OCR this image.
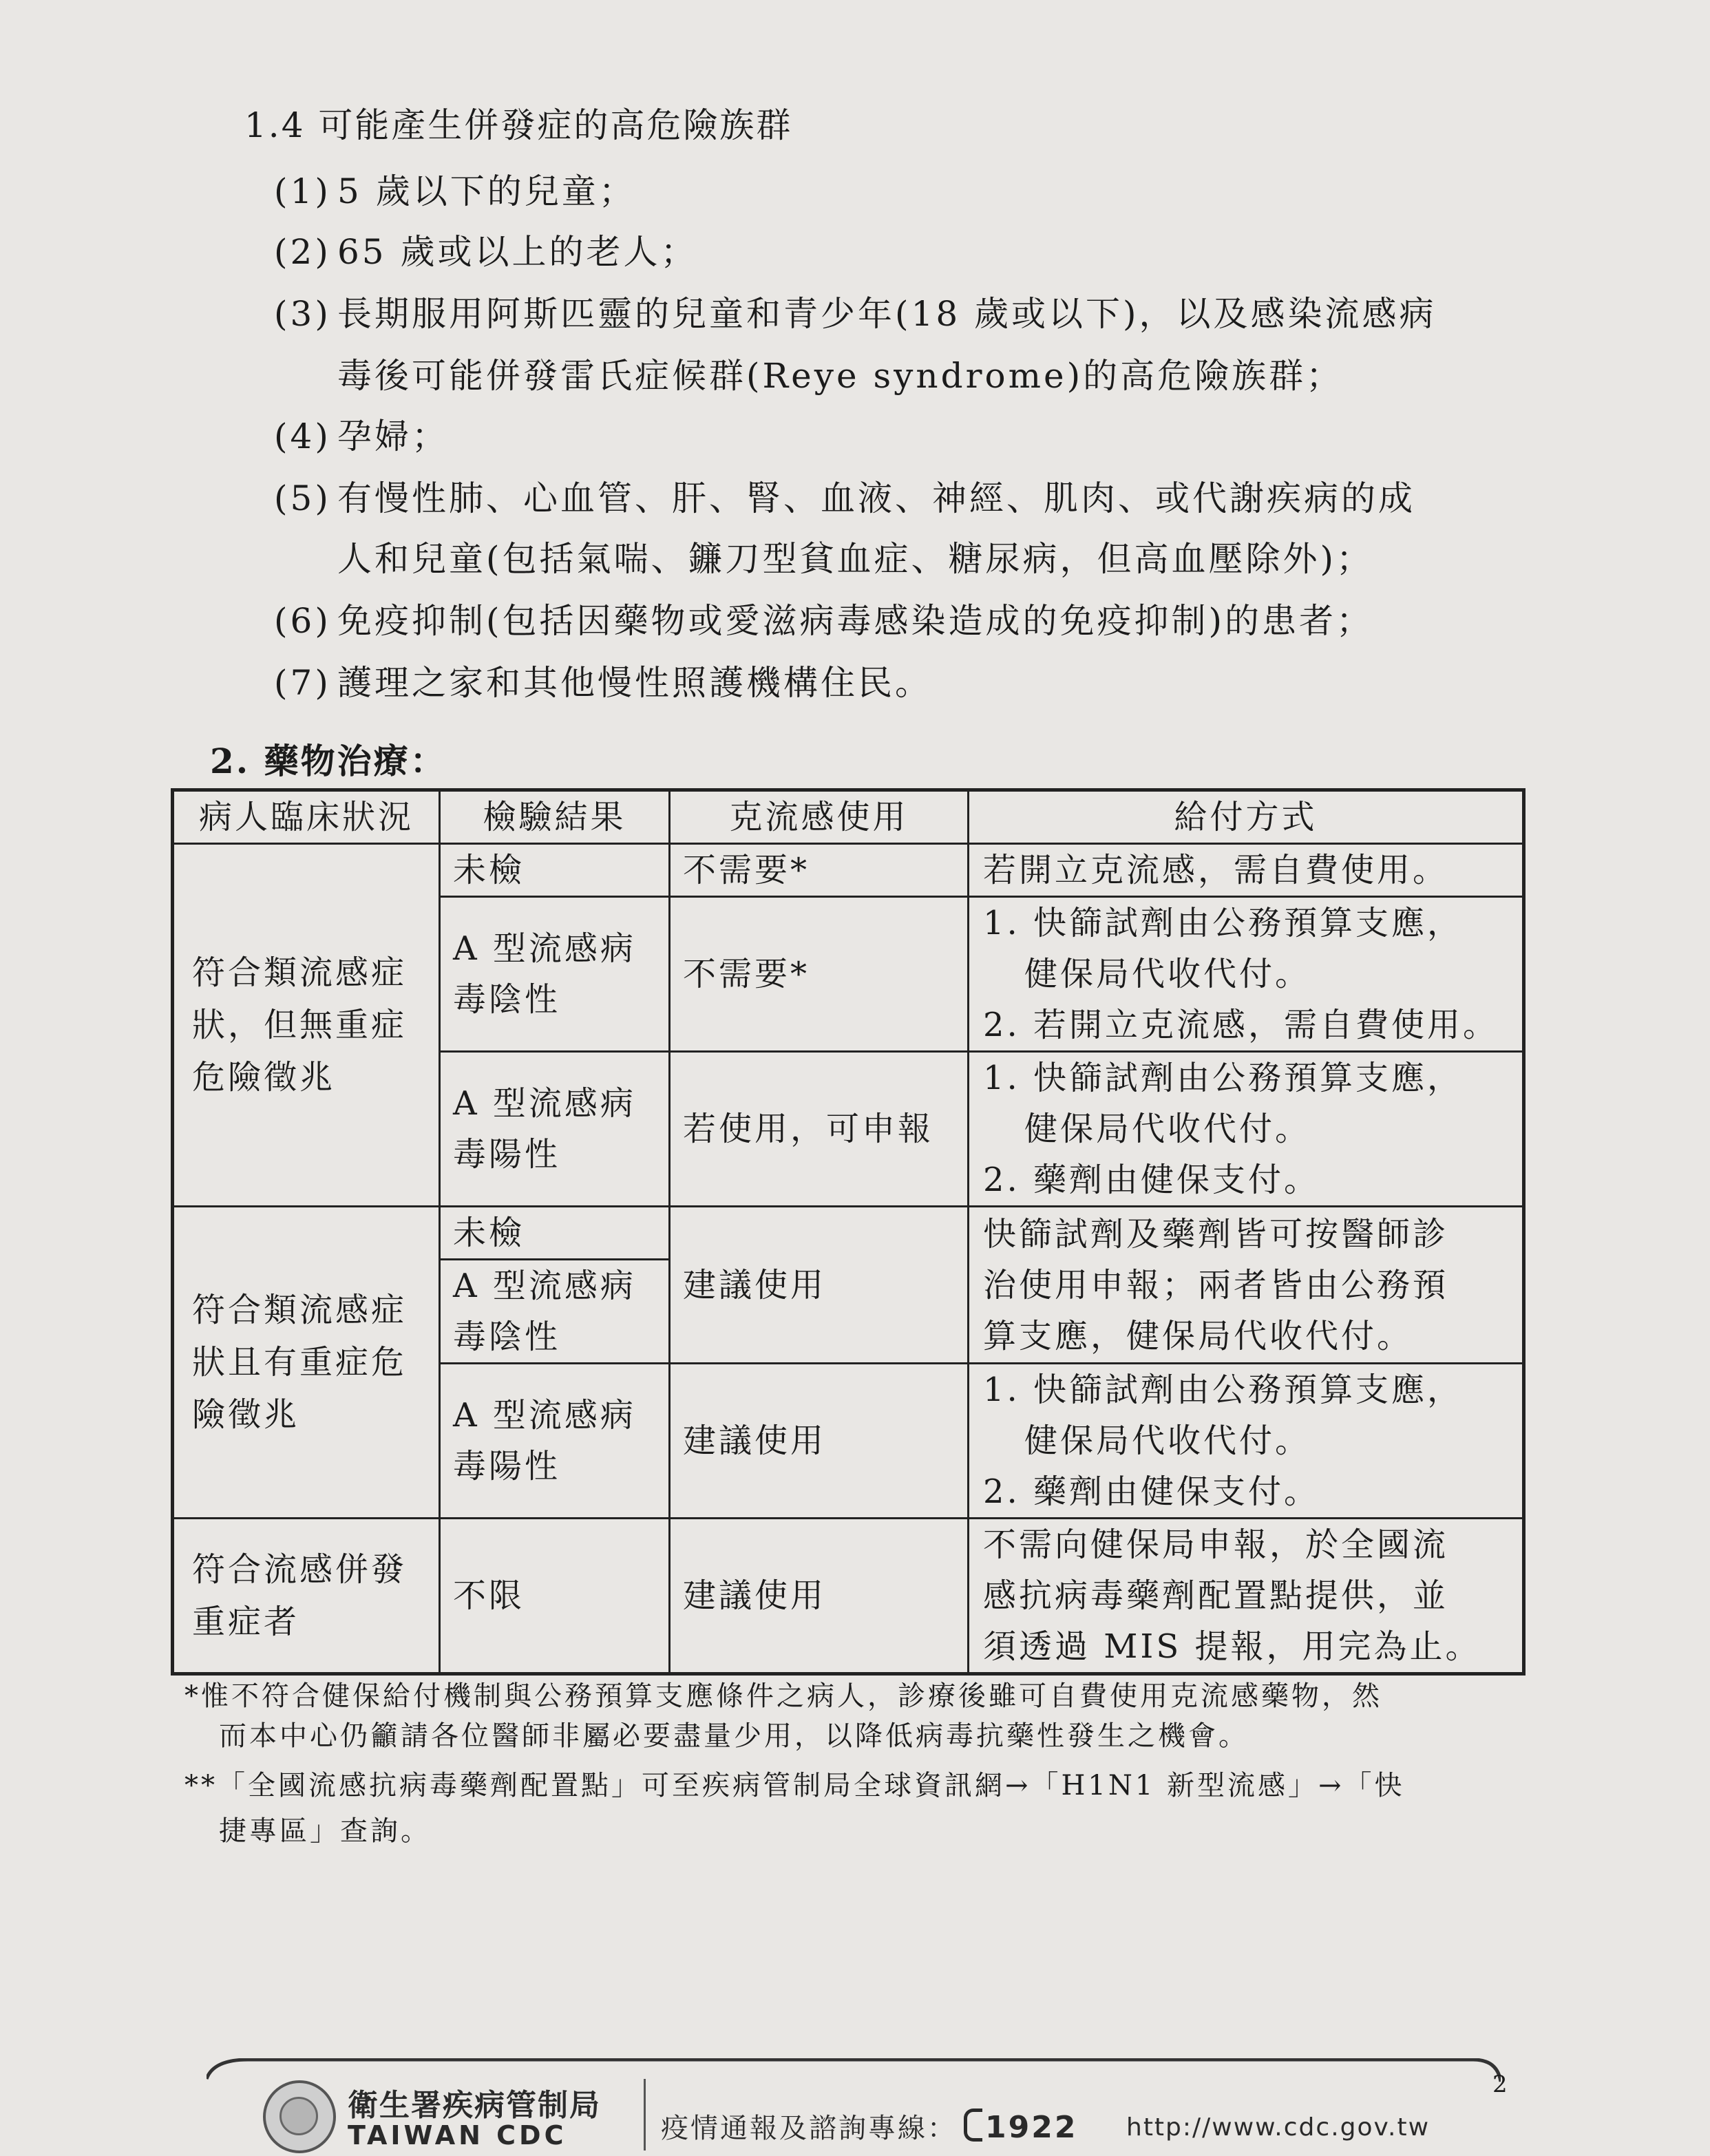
1.4 可能產生併發症的高危險族群
(1) 5 歲以下的兒童；
(2) 65 歲或以上的老人；
(3) 長期服用阿斯匹靈的兒童和青少年(18 歲或以下)，以及感染流感病
毒後可能併發雷氏症候群(Reye syndrome)的高危險族群；
(4) 孕婦；
(5) 有慢性肺、心血管、肝、腎、血液、神經、肌肉、或代謝疾病的成
人和兒童(包括氣喘、鐮刀型貧血症、糖尿病，但高血壓除外)；
(6) 免疫抑制(包括因藥物或愛滋病毒感染造成的免疫抑制)的患者；
(7) 護理之家和其他慢性照護機構住民。
2. 藥物治療：
病人臨床狀況	檢驗結果	克流感使用	給付方式

符合類流感症
狀，但無重症
危險徵兆	未檢	不需要*	若開立克流感，需自費使用。

	A 型流感病
毒陰性	不需要*	1. 快篩試劑由公務預算支應，
健保局代收代付。
2. 若開立克流感，需自費使用。

	A 型流感病
毒陽性	若使用，可申報	1. 快篩試劑由公務預算支應，
健保局代收代付。
2. 藥劑由健保支付。

符合類流感症
狀且有重症危
險徵兆	未檢	建議使用	快篩試劑及藥劑皆可按醫師診
治使用申報；兩者皆由公務預
算支應，健保局代收代付。

	A 型流感病
毒陰性		

	A 型流感病
毒陽性	建議使用	1. 快篩試劑由公務預算支應，
健保局代收代付。
2. 藥劑由健保支付。

符合流感併發
重症者	不限	建議使用	不需向健保局申報，於全國流
感抗病毒藥劑配置點提供，並
須透過 MIS 提報，用完為止。
*惟不符合健保給付機制與公務預算支應條件之病人，診療後雖可自費使用克流感藥物，然
而本中心仍籲請各位醫師非屬必要盡量少用，以降低病毒抗藥性發生之機會。
**「全國流感抗病毒藥劑配置點」可至疾病管制局全球資訊網→「H1N1 新型流感」→「快
捷專區」查詢。
衛生署疾病管制局
TAIWAN CDC	疫情通報及諮詢專線： 1922 http://www.cdc.gov.tw
2
